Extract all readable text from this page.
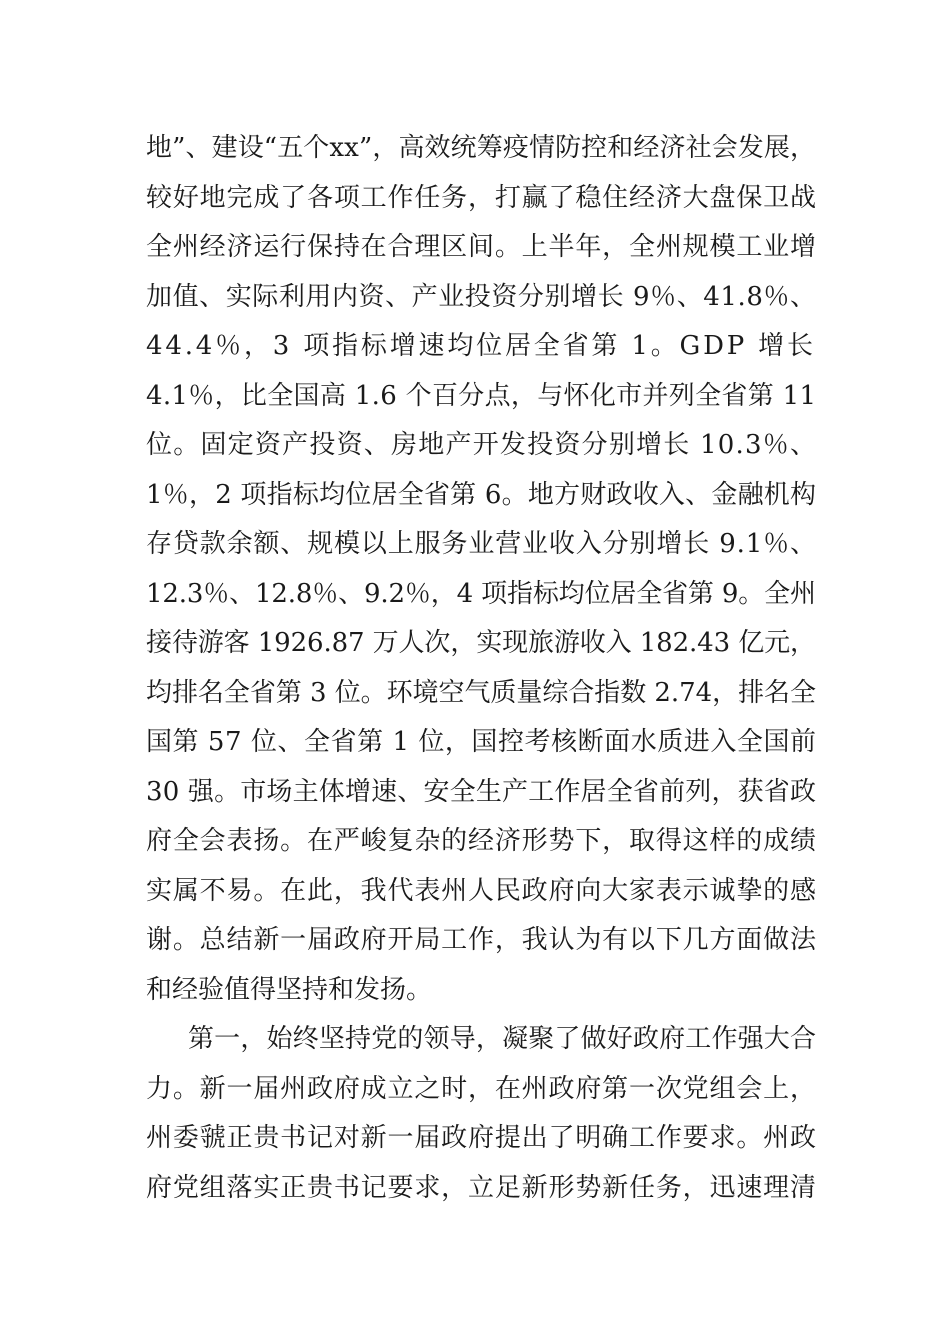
地”、建设“五个xx”，高效统筹疫情防控和经济社会发展，
较好地完成了各项工作任务，打赢了稳住经济大盘保卫战
全州经济运行保持在合理区间。上半年，全州规模工业增
加值、实际利用内资、产业投资分别增长 9％、41.8％、
44.4％，3 项指标增速均位居全省第 1。GDP 增长
4.1％，比全国高 1.6 个百分点，与怀化市并列全省第 11
位。固定资产投资、房地产开发投资分别增长 10.3％、
1％，2 项指标均位居全省第 6。地方财政收入、金融机构
存贷款余额、规模以上服务业营业收入分别增长 9.1％、
12.3％、12.8％、9.2％，4 项指标均位居全省第 9。全州
接待游客 1926.87 万人次，实现旅游收入 182.43 亿元，
均排名全省第 3 位。环境空气质量综合指数 2.74，排名全
国第 57 位、全省第 1 位，国控考核断面水质进入全国前
30 强。市场主体增速、安全生产工作居全省前列，获省政
府全会表扬。在严峻复杂的经济形势下，取得这样的成绩
实属不易。在此，我代表州人民政府向大家表示诚挚的感
谢。总结新一届政府开局工作，我认为有以下几方面做法
和经验值得坚持和发扬。
第一，始终坚持党的领导，凝聚了做好政府工作强大合
力。新一届州政府成立之时，在州政府第一次党组会上，
州委虢正贵书记对新一届政府提出了明确工作要求。州政
府党组落实正贵书记要求，立足新形势新任务，迅速理清
